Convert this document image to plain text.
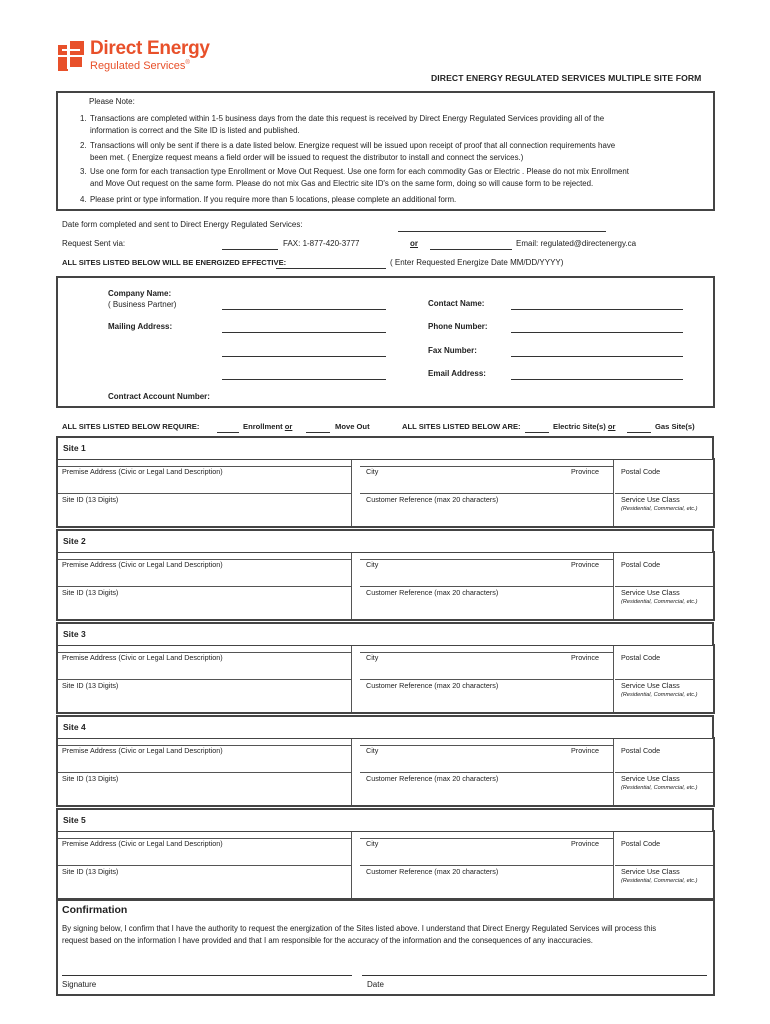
Direct Energy
Regulated Services®
DIRECT ENERGY REGULATED SERVICES MULTIPLE SITE FORM
Please Note:
1. Transactions are completed within 1-5 business days from the date this request is received by Direct Energy Regulated Services providing all of the
information is correct and the Site ID is listed and published.
2. Transactions will only be sent if there is a date listed below. Energize request will be issued upon receipt of proof that all connection requirements have
been met. ( Energize request means a field order will be issued to request the distributor to install and connect the services.)
3. Use one form for each transaction type Enrollment or Move Out Request. Use one form for each commodity Gas or Electric . Please do not mix Enrollment
and Move Out request on the same form. Please do not mix Gas and Electric site ID's on the same form, doing so will cause form to be rejected.
4. Please print or type information. If you require more than 5 locations, please complete an additional form.
Date form completed and sent to Direct Energy Regulated Services:
Request Sent via:	FAX: 1-877-420-3777	or	Email: regulated@directenergy.ca
ALL SITES LISTED BELOW WILL BE ENERGIZED EFFECTIVE:	( Enter Requested Energize Date MM/DD/YYYY)
Company Name:
( Business Partner)
Mailing Address:
Contact Name:
Phone Number:
Fax Number:
Email Address:
Contract Account Number:
ALL SITES LISTED BELOW REQUIRE:	Enrollment or	Move Out	ALL SITES LISTED BELOW ARE:	Electric Site(s) or	Gas Site(s)
Site 1
Premise Address (Civic or Legal Land Description)	City	Province	Postal Code
Site ID (13 Digits)	Customer Reference (max 20 characters)	Service Use Class
(Residential, Commercial, etc.)
Site 2
Premise Address (Civic or Legal Land Description)	City	Province	Postal Code
Site ID (13 Digits)	Customer Reference (max 20 characters)	Service Use Class
(Residential, Commercial, etc.)
Site 3
Premise Address (Civic or Legal Land Description)	City	Province	Postal Code
Site ID (13 Digits)	Customer Reference (max 20 characters)	Service Use Class
(Residential, Commercial, etc.)
Site 4
Premise Address (Civic or Legal Land Description)	City	Province	Postal Code
Site ID (13 Digits)	Customer Reference (max 20 characters)	Service Use Class
(Residential, Commercial, etc.)
Site 5
Premise Address (Civic or Legal Land Description)	City	Province	Postal Code
Site ID (13 Digits)	Customer Reference (max 20 characters)	Service Use Class
(Residential, Commercial, etc.)
Confirmation
By signing below, I confirm that I have the authority to request the energization of the Sites listed above. I understand that Direct Energy Regulated Services will process this
request based on the information I have provided and that I am responsible for the accuracy of the information and the consequences of any inaccuracies.
Signature	Date
